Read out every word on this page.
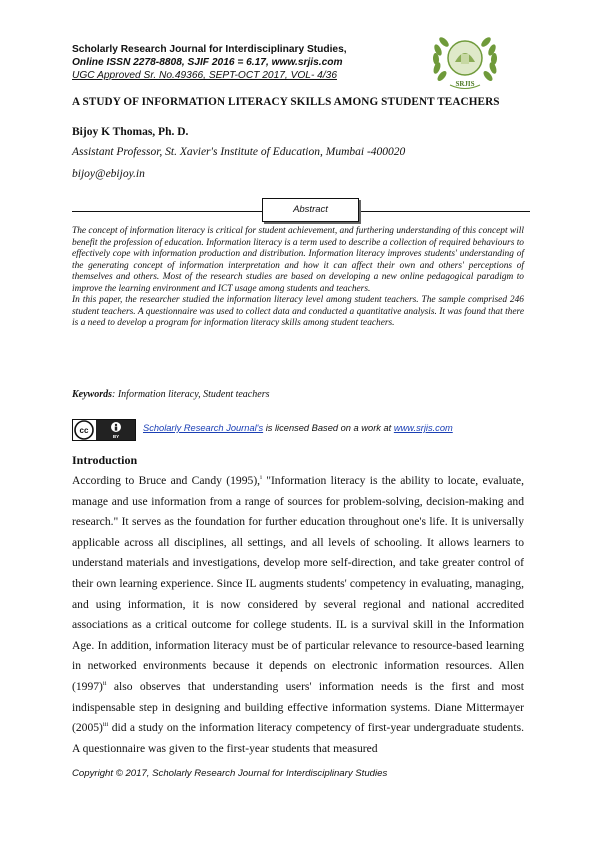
Scholarly Research Journal for Interdisciplinary Studies,
Online ISSN 2278-8808, SJIF 2016 = 6.17, www.srjis.com
UGC Approved Sr. No.49366, SEPT-OCT 2017, VOL- 4/36
SRJIS
A STUDY OF INFORMATION LITERACY SKILLS AMONG STUDENT TEACHERS
Bijoy K Thomas, Ph. D.
Assistant Professor, St. Xavier's Institute of Education, Mumbai -400020
bijoy@ebijoy.in
Abstract

The concept of information literacy is critical for student achievement, and furthering understanding of this concept will benefit the profession of education. Information literacy is a term used to describe a collection of required behaviours to effectively cope with information production and distribution. Information literacy improves students' understanding of the generating concept of information interpretation and how it can affect their own and others' perceptions of themselves and others. Most of the research studies are based on developing a new online pedagogical paradigm to improve the learning environment and ICT usage among students and teachers.

In this paper, the researcher studied the information literacy level among student teachers. The sample comprised 246 student teachers. A questionnaire was used to collect data and conducted a quantitative analysis. It was found that there is a need to develop a program for information literacy skills among student teachers.

Keywords: Information literacy, Student teachers
cc
BY
Scholarly Research Journal's is licensed Based on a work at www.srjis.com
Introduction

According to Bruce and Candy (1995),$^i$ "Information literacy is the ability to locate, evaluate, manage and use information from a range of sources for problem-solving, decision-making and research." It serves as the foundation for further education throughout one's life. It is universally applicable across all disciplines, all settings, and all levels of schooling. It allows learners to understand materials and investigations, develop more self-direction, and take greater control of their own learning experience. Since IL augments students' competency in evaluating, managing, and using information, it is now considered by several regional and national accredited associations as a critical outcome for college students. IL is a survival skill in the Information Age. In addition, information literacy must be of particular relevance to resource-based learning in networked environments because it depends on electronic information resources. Allen $(1997)^{ii}$ also observes that understanding users' information needs is the first and most indispensable step in designing and building effective information systems. Diane Mittermayer $(2005)^{iii}$ did a study on the information literacy competency of first-year undergraduate students. A questionnaire was given to the first-year students that measured

Copyright © 2017, Scholarly Research Journal for Interdisciplinary Studies
